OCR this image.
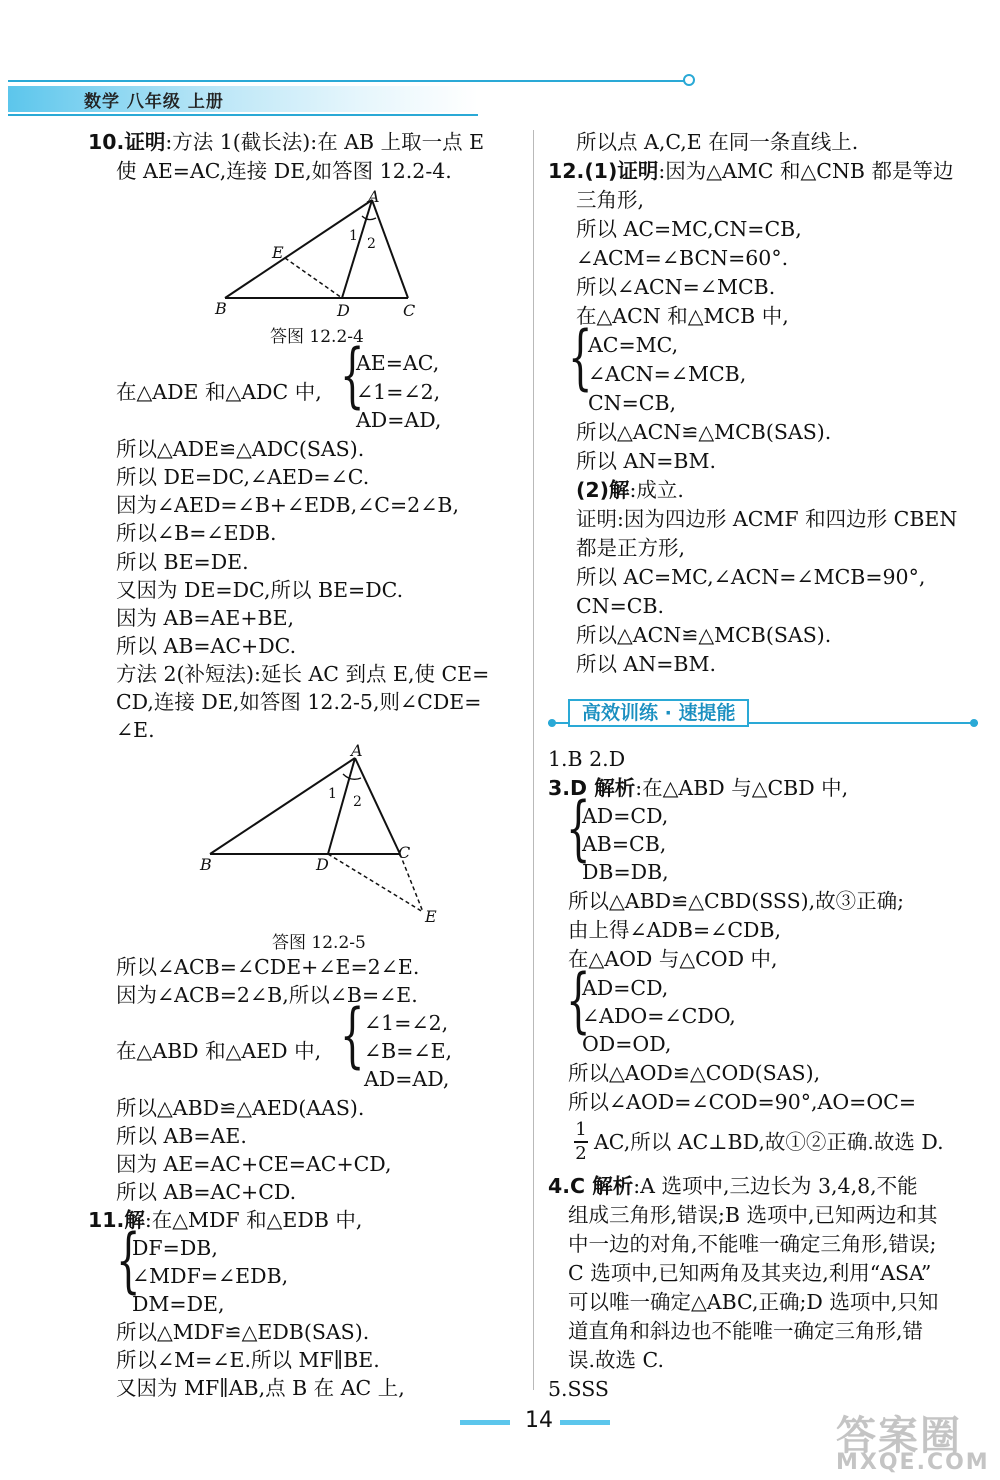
数学 八年级 上册
10.证明:方法 1(截长法):在 AB 上取一点 E
使 AE=AC,连接 DE,如答图 12.2-4.
A
B	C
D
E
1 2
答图 12.2-4
在△ADE 和△ADC 中, {
AE=AC,
∠1=∠2,
AD=AD,
所以△ADE≌△ADC(SAS).
所以 DE=DC,∠AED=∠C.
因为∠AED=∠B+∠EDB,∠C=2∠B,
所以∠B=∠EDB.
所以 BE=DE.
又因为 DE=DC,所以 BE=DC.
因为 AB=AE+BE,
所以 AB=AC+DC.
方法 2(补短法):延长 AC 到点 E,使 CE=
CD,连接 DE,如答图 12.2-5,则∠CDE=
∠E.
A
B
C
D
E
1 2
答图 12.2-5
所以∠ACB=∠CDE+∠E=2∠E.
因为∠ACB=2∠B,所以∠B=∠E.
在△ABD 和△AED 中, { ∠1=∠2,
∠B=∠E,
AD=AD,
所以△ABD≌△AED(AAS).
所以 AB=AE.
因为 AE=AC+CE=AC+CD,
所以 AB=AC+CD.
11.解:在△MDF 和△EDB 中,
{
DF=DB,
∠MDF=∠EDB,
DM=DE,
所以△MDF≌△EDB(SAS).
所以∠M=∠E.所以 MF∥BE.
又因为 MF∥AB,点 B 在 AC 上,
所以点 A,C,E 在同一条直线上.
12.(1)证明:因为△AMC 和△CNB 都是等边
三角形,
所以 AC=MC,CN=CB,
∠ACM=∠BCN=60°.
所以∠ACN=∠MCB.
在△ACN 和△MCB 中,
{
AC=MC,
∠ACN=∠MCB,
CN=CB,
所以△ACN≌△MCB(SAS).
所以 AN=BM.
(2)解:成立.
证明:因为四边形 ACMF 和四边形 CBEN
都是正方形,
所以 AC=MC,∠ACN=∠MCB=90°,
CN=CB.
所以△ACN≌△MCB(SAS).
所以 AN=BM.
高效训练 · 速提能
1.B 2.D
3.D 解析:在△ABD 与△CBD 中,
{
AD=CD,
AB=CB,
DB=DB,
所以△ABD≌△CBD(SSS),故③正确;
由上得∠ADB=∠CDB,
在△AOD 与△COD 中,
{
AD=CD,
∠ADO=∠CDO,
OD=OD,
所以△AOD≌△COD(SAS),
所以∠AOD=∠COD=90°,AO=OC=
1
2 AC,所以 AC⊥BD,故①②正确.故选 D.
4.C 解析:A 选项中,三边长为 3,4,8,不能
组成三角形,错误;B 选项中,已知两边和其
中一边的对角,不能唯一确定三角形,错误;
C 选项中,已知两角及其夹边,利用“ASA”
可以唯一确定△ABC,正确;D 选项中,只知
道直角和斜边也不能唯一确定三角形,错
误.故选 C.
5.SSS
14	答案圈
MXQE.COM
